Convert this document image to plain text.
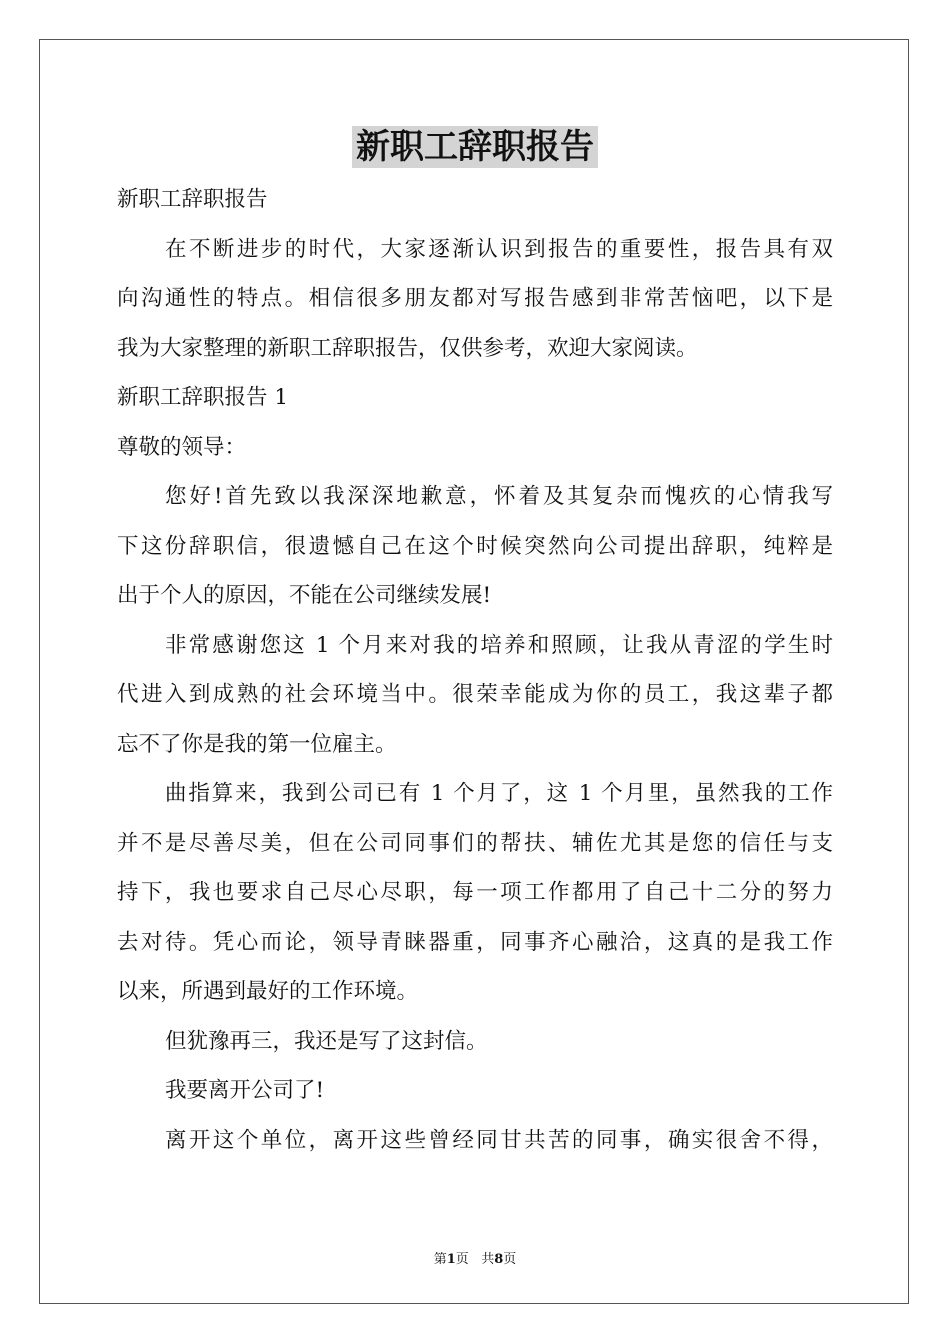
新职工辞职报告
新职工辞职报告
在不断进步的时代，大家逐渐认识到报告的重要性，报告具有双
向沟通性的特点。相信很多朋友都对写报告感到非常苦恼吧，以下是
我为大家整理的新职工辞职报告，仅供参考，欢迎大家阅读。
新职工辞职报告 1
尊敬的领导：
您好!首先致以我深深地歉意，怀着及其复杂而愧疚的心情我写
下这份辞职信，很遗憾自己在这个时候突然向公司提出辞职，纯粹是
出于个人的原因，不能在公司继续发展!
非常感谢您这 1 个月来对我的培养和照顾，让我从青涩的学生时
代进入到成熟的社会环境当中。很荣幸能成为你的员工，我这辈子都
忘不了你是我的第一位雇主。
曲指算来，我到公司已有 1 个月了，这 1 个月里，虽然我的工作
并不是尽善尽美，但在公司同事们的帮扶、辅佐尤其是您的信任与支
持下，我也要求自己尽心尽职，每一项工作都用了自己十二分的努力
去对待。凭心而论，领导青睐器重，同事齐心融洽，这真的是我工作
以来，所遇到最好的工作环境。
但犹豫再三，我还是写了这封信。
我要离开公司了!
离开这个单位，离开这些曾经同甘共苦的同事，确实很舍不得，
第1页 共8页
